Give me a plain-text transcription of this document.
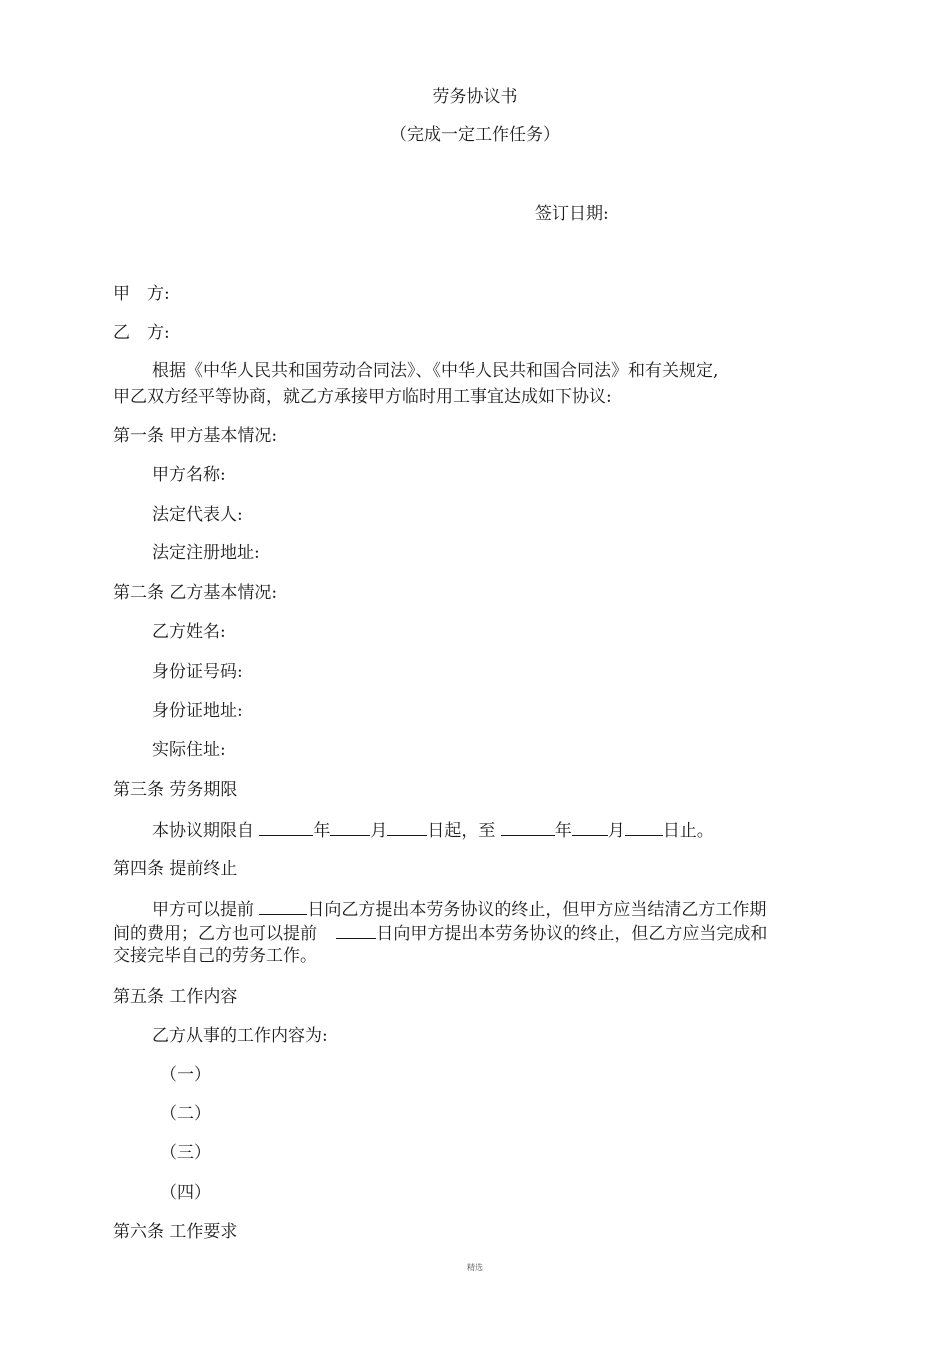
劳务协议书
（完成一定工作任务）
签订日期:
甲　方:
乙　方:
根据《中华人民共和国劳动合同法》、《中华人民共和国合同法》和有关规定,
甲乙双方经平等协商，就乙方承接甲方临时用工事宜达成如下协议:
第一条 甲方基本情况:
甲方名称:
法定代表人:
法定注册地址:
第二条 乙方基本情况:
乙方姓名:
身份证号码:
身份证地址:
实际住址:
第三条 劳务期限
本协议期限自	年 月 日起，至	年 月 日止。
第四条 提前终止
甲方可以提前	日向乙方提出本劳务协议的终止，但甲方应当结清乙方工作期
间的费用；乙方也可以提前	日向甲方提出本劳务协议的终止，但乙方应当完成和
交接完毕自己的劳务工作。
第五条 工作内容
乙方从事的工作内容为:
（一）
（二）
（三）
（四）
第六条 工作要求
精选
